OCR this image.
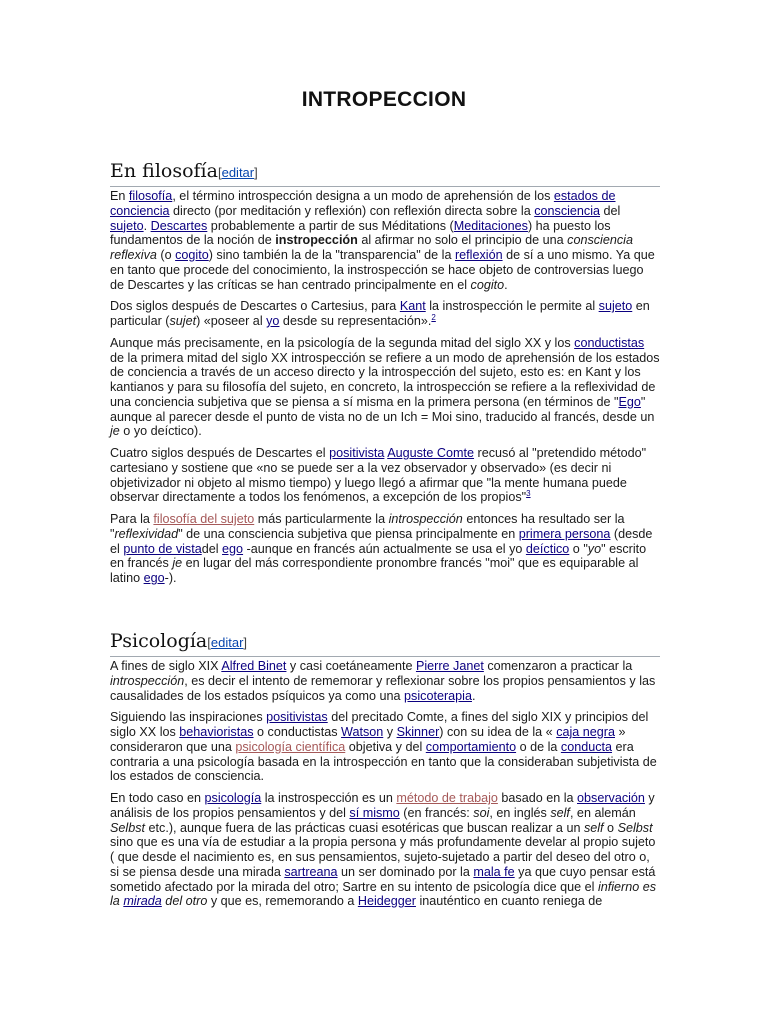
INTROPECCION
En filosofía[editar]

En filosofía, el término introspección designa a un modo de aprehensión de los estados de conciencia directo (por meditación y reflexión) con reflexión directa sobre la consciencia del sujeto. Descartes probablemente a partir de sus Méditations (Meditaciones) ha puesto los fundamentos de la noción de instropección al afirmar no solo el principio de una consciencia reflexiva (o cogito) sino también la de la "transparencia" de la reflexión de sí a uno mismo. Ya que en tanto que procede del conocimiento, la instrospección se hace objeto de controversias luego de Descartes y las críticas se han centrado principalmente en el cogito.

Dos siglos después de Descartes o Cartesius, para Kant la instrospección le permite al sujeto en particular (sujet) «poseer al yo desde su representación».$^2$

Aunque más precisamente, en la psicología de la segunda mitad del siglo XX y los conductistas de la primera mitad del siglo XX introspección se refiere a un modo de aprehensión de los estados de conciencia a través de un acceso directo y la introspección del sujeto, esto es: en Kant y los kantianos y para su filosofía del sujeto, en concreto, la introspección se refiere a la reflexividad de una conciencia subjetiva que se piensa a sí misma en la primera persona (en términos de "Ego" aunque al parecer desde el punto de vista no de un Ich = Moi sino, traducido al francés, desde un je o yo deíctico).

Cuatro siglos después de Descartes el positivista Auguste Comte recusó al "pretendido método" cartesiano y sostiene que «no se puede ser a la vez observador y observado» (es decir ni objetivizador ni objeto al mismo tiempo) y luego llegó a afirmar que "la mente humana puede observar directamente a todos los fenómenos, a excepción de los propios"$^3$

Para la filosofía del sujeto más particularmente la introspección entonces ha resultado ser la "reflexividad" de una consciencia subjetiva que piensa principalmente en primera persona (desde el punto de vistadel ego -aunque en francés aún actualmente se usa el yo deíctico o "yo" escrito en francés je en lugar del más correspondiente pronombre francés "moi" que es equiparable al latino ego-).

Psicología[editar]

A fines de siglo XIX Alfred Binet y casi coetáneamente Pierre Janet comenzaron a practicar la introspección, es decir el intento de rememorar y reflexionar sobre los propios pensamientos y las causalidades de los estados psíquicos ya como una psicoterapia.

Siguiendo las inspiraciones positivistas del precitado Comte, a fines del siglo XIX y principios del siglo XX los behavioristas o conductistas Watson y Skinner) con su idea de la « caja negra » consideraron que una psicología científica objetiva y del comportamiento o de la conducta era contraria a una psicología basada en la introspección en tanto que la consideraban subjetivista de los estados de consciencia.

En todo caso en psicología la instrospección es un método de trabajo basado en la observación y análisis de los propios pensamientos y del sí mismo (en francés: soi, en inglés self, en alemán Selbst etc.), aunque fuera de las prácticas cuasi esotéricas que buscan realizar a un self o Selbst sino que es una vía de estudiar a la propia persona y más profundamente develar al propio sujeto ( que desde el nacimiento es, en sus pensamientos, sujeto-sujetado a partir del deseo del otro o, si se piensa desde una mirada sartreana un ser dominado por la mala fe ya que cuyo pensar está sometido afectado por la mirada del otro; Sartre en su intento de psicología dice que el infierno es la mirada del otro y que es, rememorando a Heidegger inauténtico en cuanto reniega de
